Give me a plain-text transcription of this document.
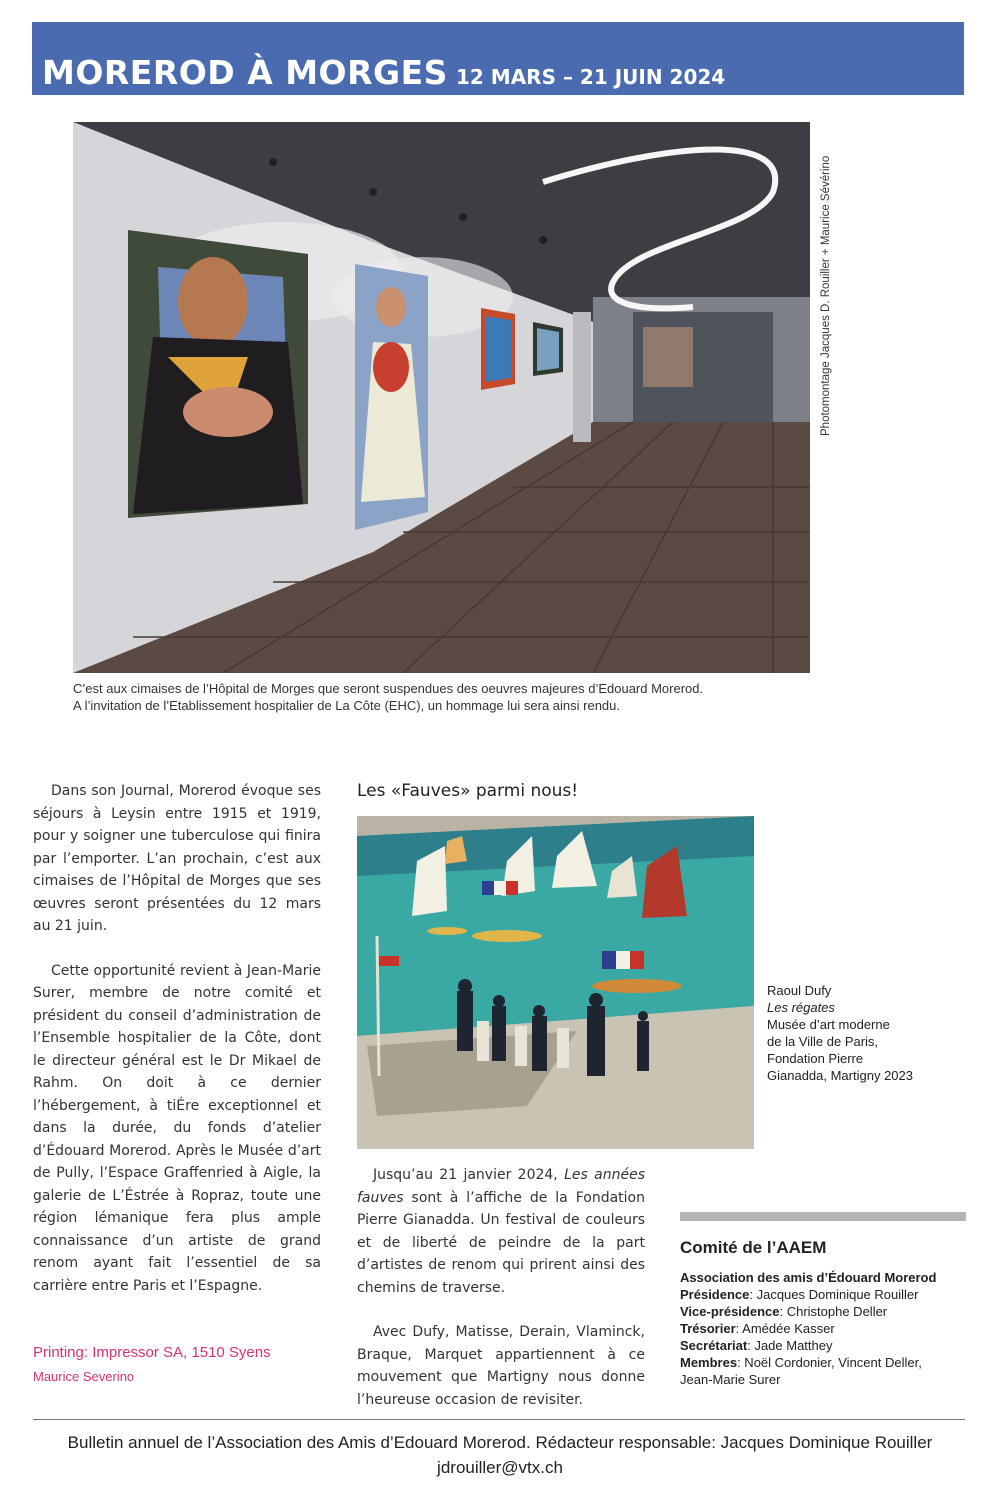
MOREROD À MORGES 12 MARS – 21 JUIN 2024
Photomontage Jacques D. Rouiller + Maurice Sévérino
C’est aux cimaises de l’Hôpital de Morges que seront suspendues des oeuvres majeures d’Edouard Morerod.
A l’invitation de l’Etablissement hospitalier de La Côte (EHC), un hommage lui sera ainsi rendu.

Dans son Journal, Morerod évoque ses séjours à Leysin entre 1915 et 1919, pour y soigner une tuberculose qui finira par l’emporter. L’an prochain, c’est aux cimaises de l’Hôpital de Morges que ses œuvres seront présentées du 12 mars au 21 juin.

Cette opportunité revient à Jean-Marie Surer, membre de notre comité et président du conseil d’administration de l’Ensemble hospitalier de la Côte, dont le directeur général est le Dr Mikael de Rahm. On doit à ce dernier l’hébergement, à tiÉre exceptionnel et dans la durée, du fonds d’atelier d’Édouard Morerod. Après le Musée d’art de Pully, l’Espace Graffenried à Aigle, la galerie de L’Éstrée à Ropraz, toute une région lémanique fera plus ample connaissance d’un artiste de grand renom ayant fait l’essentiel de sa carrière entre Paris et l’Espagne.

Printing: Impressor SA, 1510 Syens
Maurice Severino
Les «Fauves» parmi nous!
Raoul Dufy
Les régates
Musée d’art moderne
de la Ville de Paris,
Fondation Pierre
Gianadda, Martigny 2023

Jusqu’au 21 janvier 2024, Les années fauves sont à l’affiche de la Fondation Pierre Gianadda. Un festival de couleurs et de liberté de peindre de la part d’artistes de renom qui prirent ainsi des chemins de traverse.

Avec Dufy, Matisse, Derain, Vlaminck, Braque, Marquet appartiennent à ce mouvement que Martigny nous donne l’heureuse occasion de revisiter.

Comité de l’AAEM
Association des amis d’Édouard Morerod
Présidence: Jacques Dominique Rouiller
Vice-présidence: Christophe Deller
Trésorier: Amédée Kasser
Secrétariat: Jade Matthey
Membres: Noël Cordonier, Vincent Deller,
Jean-Marie Surer
Bulletin annuel de l’Association des Amis d’Edouard Morerod. Rédacteur responsable: Jacques Dominique Rouiller
jdrouiller@vtx.ch
